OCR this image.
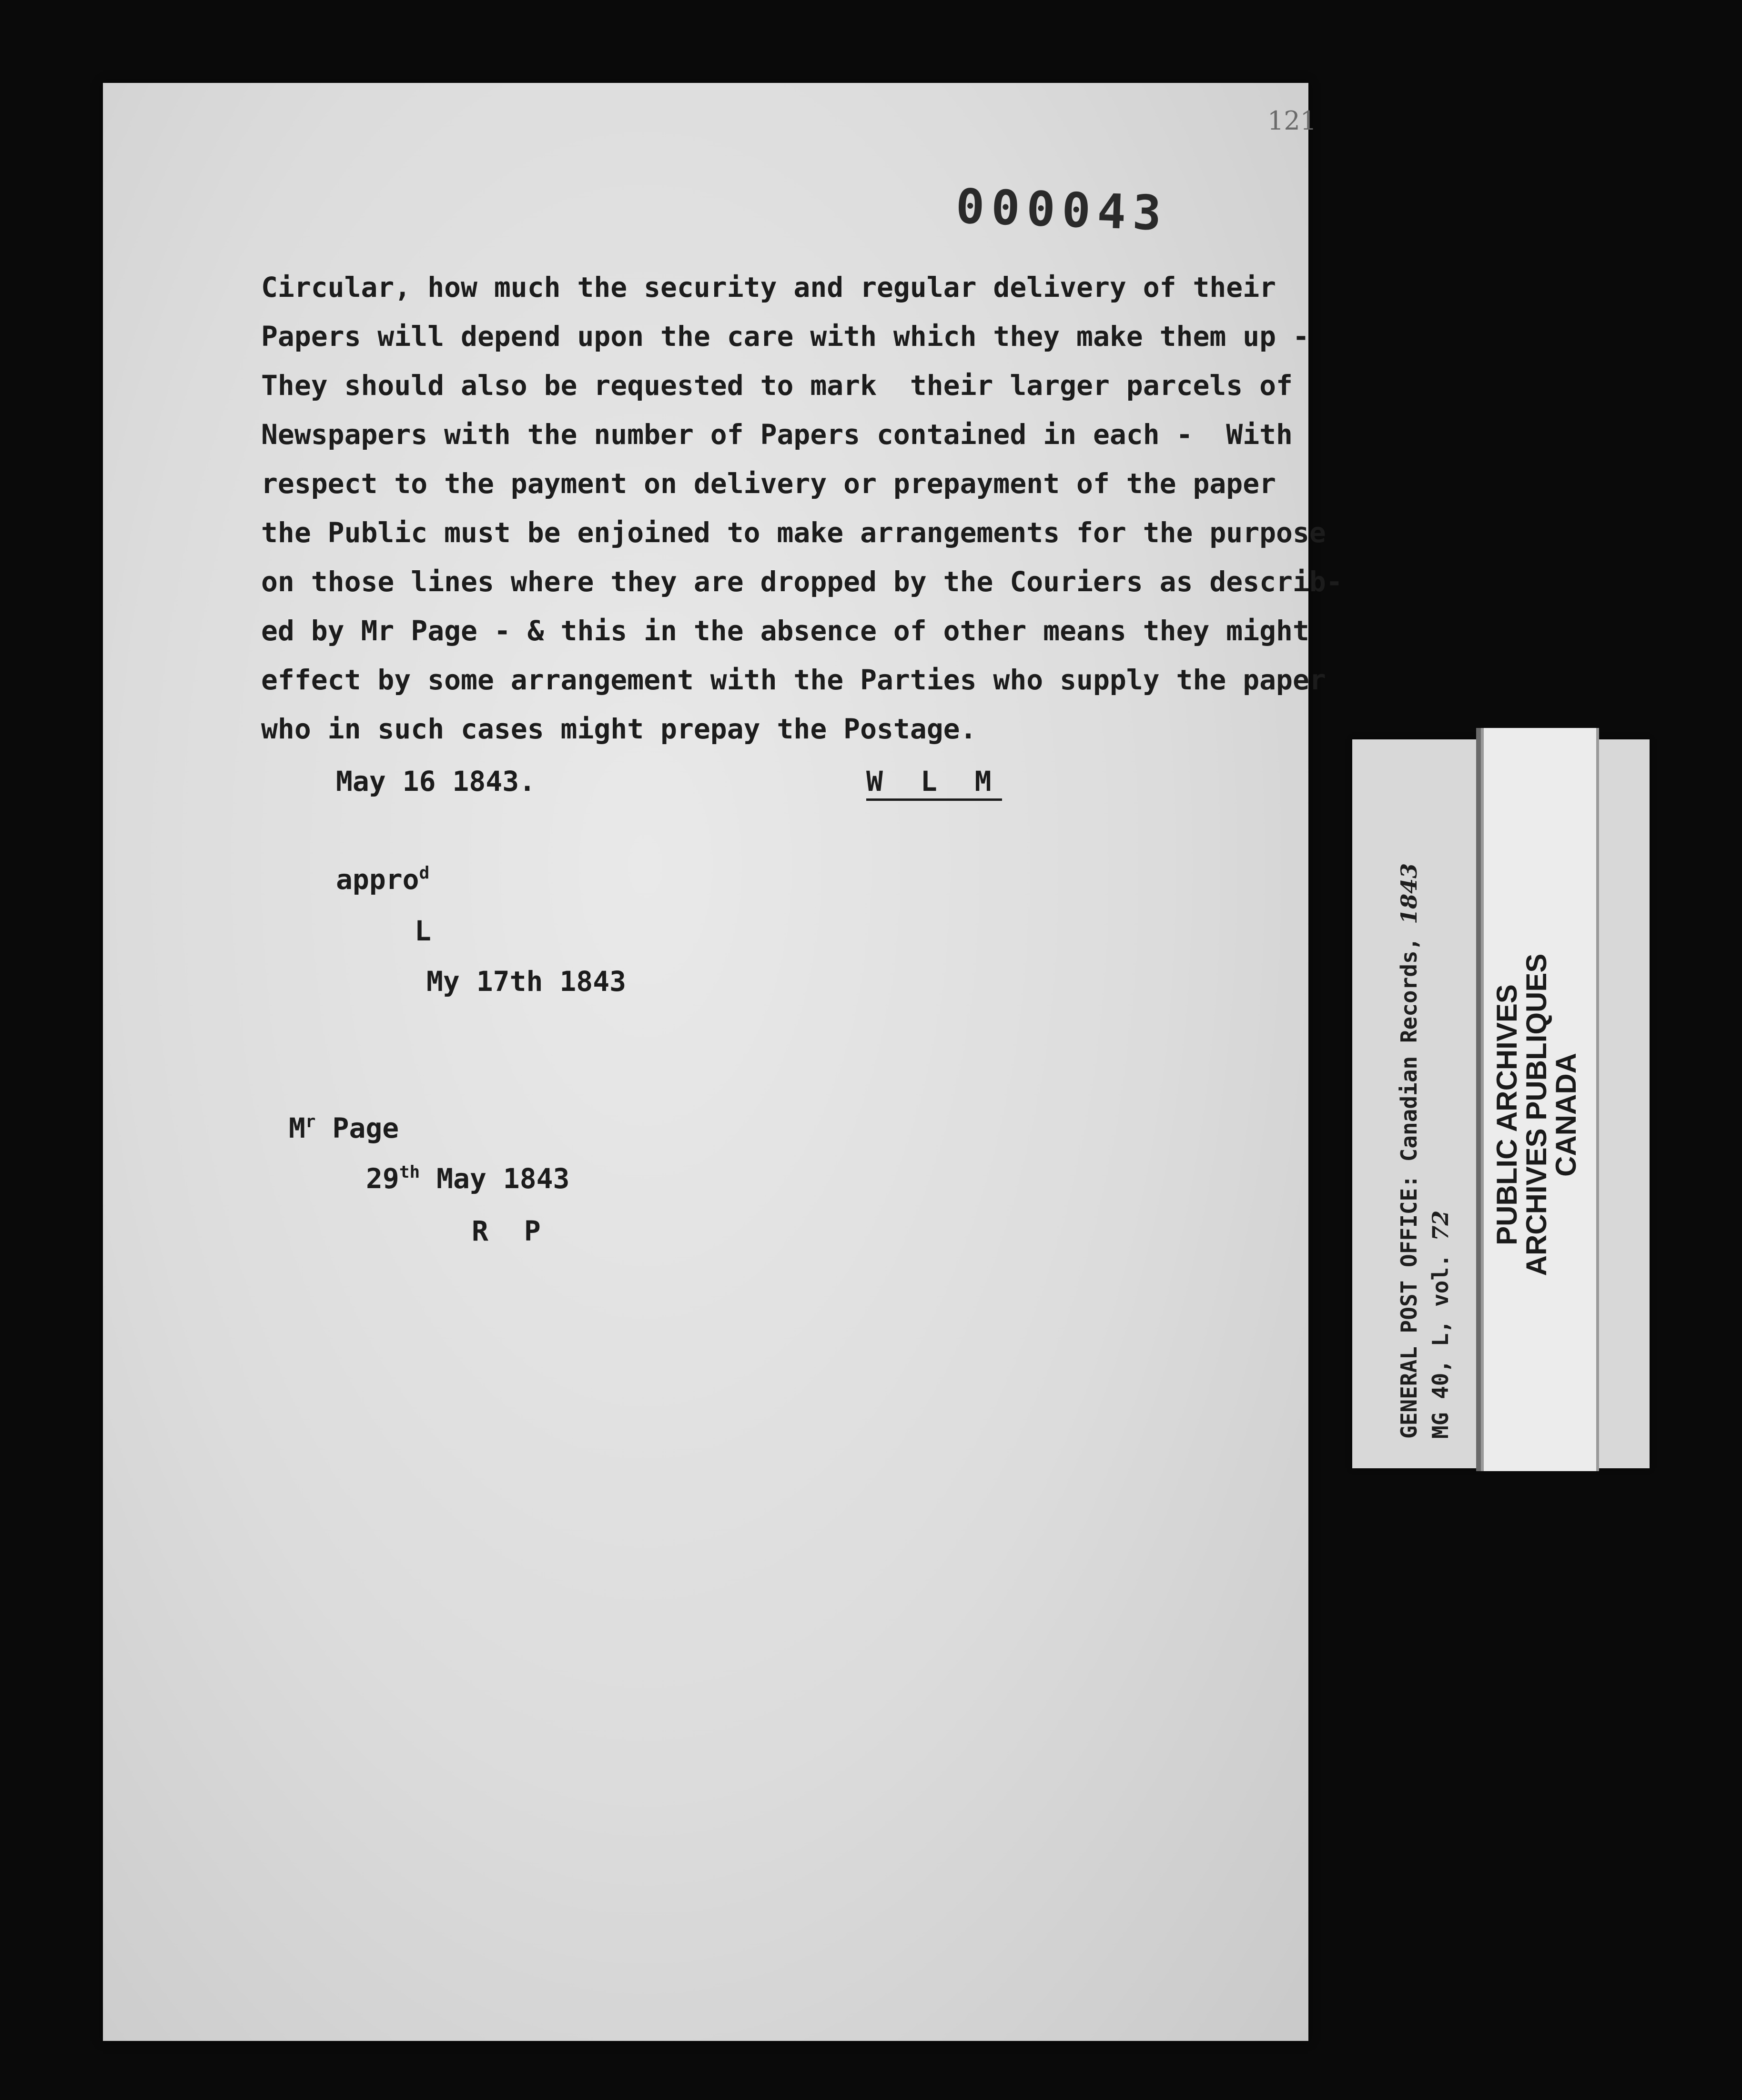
121
000043
Circular, how much the security and regular delivery of their
Papers will depend upon the care with which they make them up -
They should also be requested to mark  their larger parcels of
Newspapers with the number of Papers contained in each -  With
respect to the payment on delivery or prepayment of the paper
the Public must be enjoined to make arrangements for the purpose
on those lines where they are dropped by the Couriers as describ-
ed by Mr Page - & this in the absence of other means they might
effect by some arrangement with the Parties who supply the paper
who in such cases might prepay the Postage.
May 16 1843.	W L M
appro$^d$
L
My 17th 1843
$M^r$ Page
29th May 1843
R P	GENERAL POST OFFICE: Canadian Records, 1843
MG 40, L, vol. 72 PUBLIC ARCHIVES
ARCHIVES PUBLIQUES
CANADA
